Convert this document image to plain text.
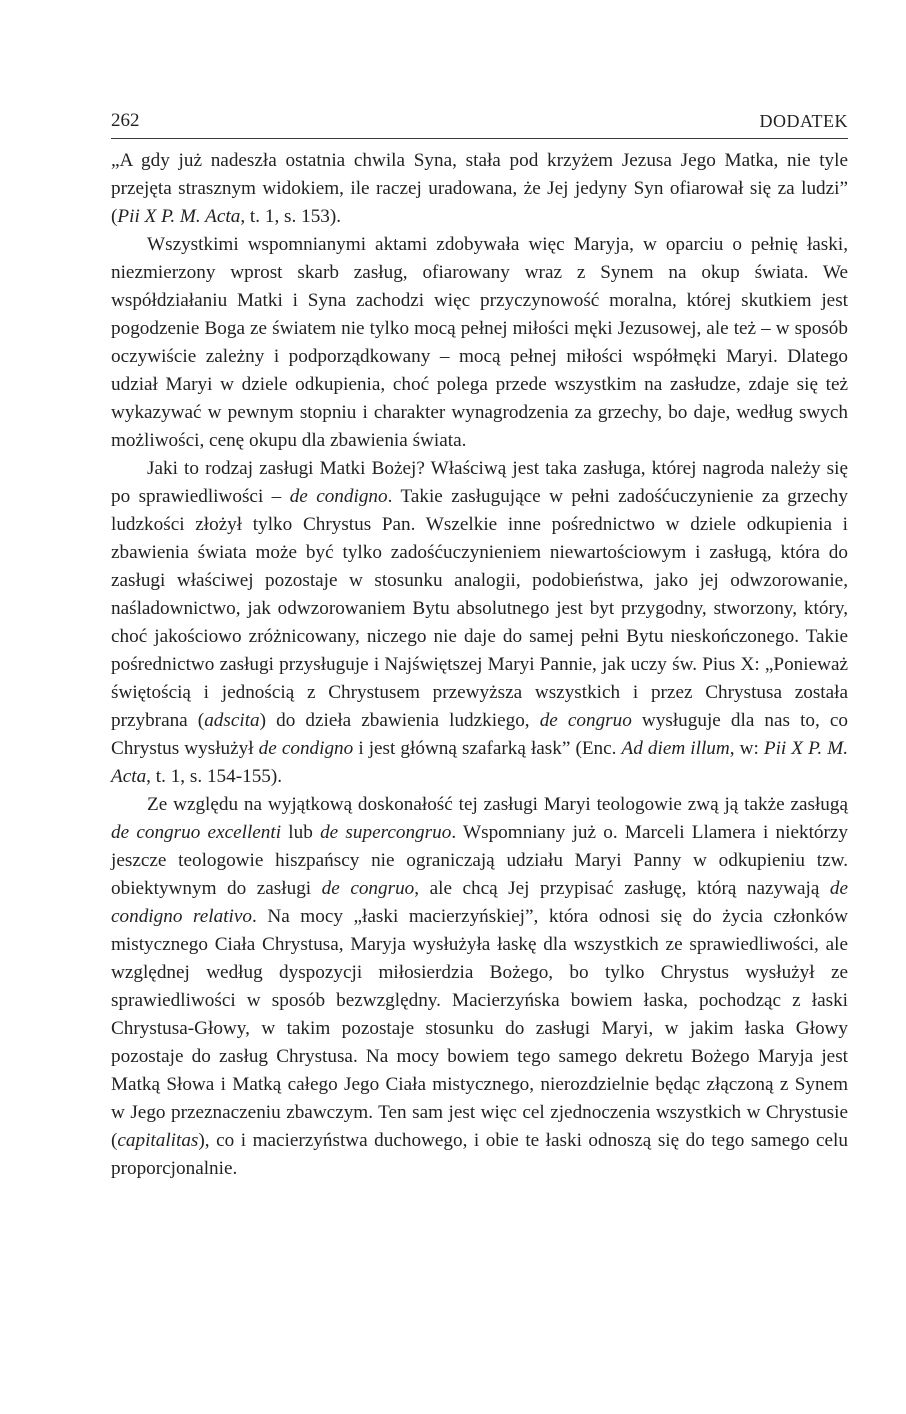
262	DODATEK

„A gdy już nadeszła ostatnia chwila Syna, stała pod krzyżem Jezusa Jego Matka, nie tyle przejęta strasznym widokiem, ile raczej uradowana, że Jej jedyny Syn ofiarował się za ludzi” (Pii X P. M. Acta, t. 1, s. 153).

Wszystkimi wspomnianymi aktami zdobywała więc Maryja, w oparciu o pełnię łaski, niezmierzony wprost skarb zasług, ofiarowany wraz z Synem na okup świata. We współdziałaniu Matki i Syna zachodzi więc przyczynowość moralna, której skutkiem jest pogodzenie Boga ze światem nie tylko mocą pełnej miłości męki Jezusowej, ale też – w sposób oczywiście zależny i podporządkowany – mocą pełnej miłości współmęki Maryi. Dlatego udział Maryi w dziele odkupienia, choć polega przede wszystkim na zasłudze, zdaje się też wykazywać w pewnym stopniu i charakter wynagrodzenia za grzechy, bo daje, według swych możliwości, cenę okupu dla zbawienia świata.

Jaki to rodzaj zasługi Matki Bożej? Właściwą jest taka zasługa, której nagroda należy się po sprawiedliwości – de condigno. Takie zasługujące w pełni zadośćuczynienie za grzechy ludzkości złożył tylko Chrystus Pan. Wszelkie inne pośrednictwo w dziele odkupienia i zbawienia świata może być tylko zadośćuczynieniem niewartościowym i zasługą, która do zasługi właściwej pozostaje w stosunku analogii, podobieństwa, jako jej odwzorowanie, naśladownictwo, jak odwzorowaniem Bytu absolutnego jest byt przygodny, stworzony, który, choć jakościowo zróżnicowany, niczego nie daje do samej pełni Bytu nieskończonego. Takie pośrednictwo zasługi przysługuje i Najświętszej Maryi Pannie, jak uczy św. Pius X: „Ponieważ świętością i jednością z Chrystusem przewyższa wszystkich i przez Chrystusa została przybrana (adscita) do dzieła zbawienia ludzkiego, de congruo wysługuje dla nas to, co Chrystus wysłużył de condigno i jest główną szafarką łask” (Enc. Ad diem illum, w: Pii X P. M. Acta, t. 1, s. 154-155).

Ze względu na wyjątkową doskonałość tej zasługi Maryi teologowie zwą ją także zasługą de congruo excellenti lub de supercongruo. Wspomniany już o. Marceli Llamera i niektórzy jeszcze teologowie hiszpańscy nie ograniczają udziału Maryi Panny w odkupieniu tzw. obiektywnym do zasługi de congruo, ale chcą Jej przypisać zasługę, którą nazywają de condigno relativo. Na mocy „łaski macierzyńskiej”, która odnosi się do życia członków mistycznego Ciała Chrystusa, Maryja wysłużyła łaskę dla wszystkich ze sprawiedliwości, ale względnej według dyspozycji miłosierdzia Bożego, bo tylko Chrystus wysłużył ze sprawiedliwości w sposób bezwzględny. Macierzyńska bowiem łaska, pochodząc z łaski Chrystusa-Głowy, w takim pozostaje stosunku do zasługi Maryi, w jakim łaska Głowy pozostaje do zasług Chrystusa. Na mocy bowiem tego samego dekretu Bożego Maryja jest Matką Słowa i Matką całego Jego Ciała mistycznego, nierozdzielnie będąc złączoną z Synem w Jego przeznaczeniu zbawczym. Ten sam jest więc cel zjednoczenia wszystkich w Chrystusie (capitalitas), co i macierzyństwa duchowego, i obie te łaski odnoszą się do tego samego celu proporcjonalnie.
